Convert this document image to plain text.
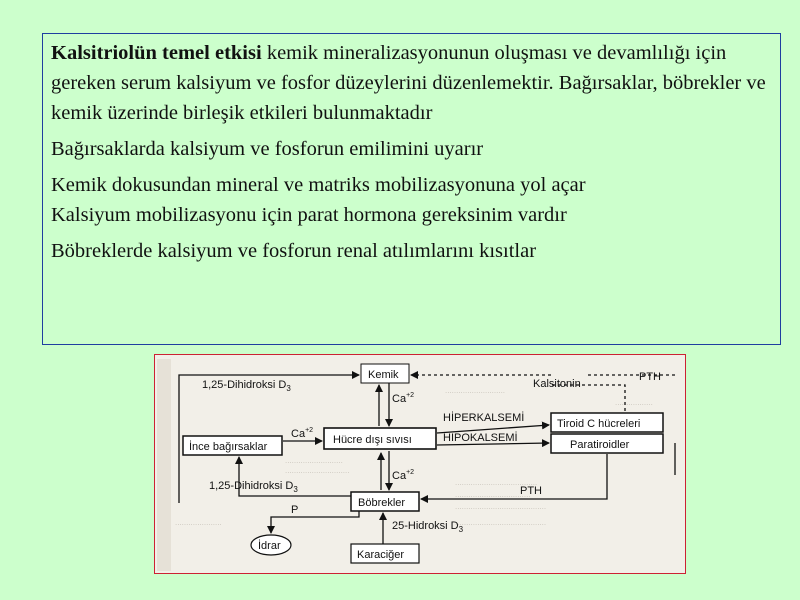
Kalsitriolün temel etkisi kemik mineralizasyonunun oluşması ve devamlılığı için gereken serum kalsiyum ve fosfor düzeylerini düzenlemektir. Bağırsaklar, böbrekler ve kemik üzerinde birleşik etkileri bulunmaktadır

Bağırsaklarda kalsiyum ve fosforun emilimini uyarır

Kemik dokusundan mineral ve matriks mobilizasyonuna yol açar
Kalsiyum mobilizasyonu için parat hormona gereksinim vardır

Böbreklerde kalsiyum ve fosforun renal atılımlarını kısıtlar

...........................
.................
.....................................
..................................
.........................................
.........................................
..........................
.............................
.....................
Kemik
Hücre dışı sıvısı
İnce bağırsaklar
Böbrekler
Karaciğer
İdrar
Tiroid C hücreleri
Paratiroidler
1,25-Dihidroksi $D_3$
1,25-Dihidroksi $D_3$
$Ca^{+2}$
$Ca^{+2}$
$Ca^{+2}$
HİPERKALSEMİ
HİPOKALSEMİ
Kalsitonin
PTH
PTH
P
25-Hidroksi $D_3$
